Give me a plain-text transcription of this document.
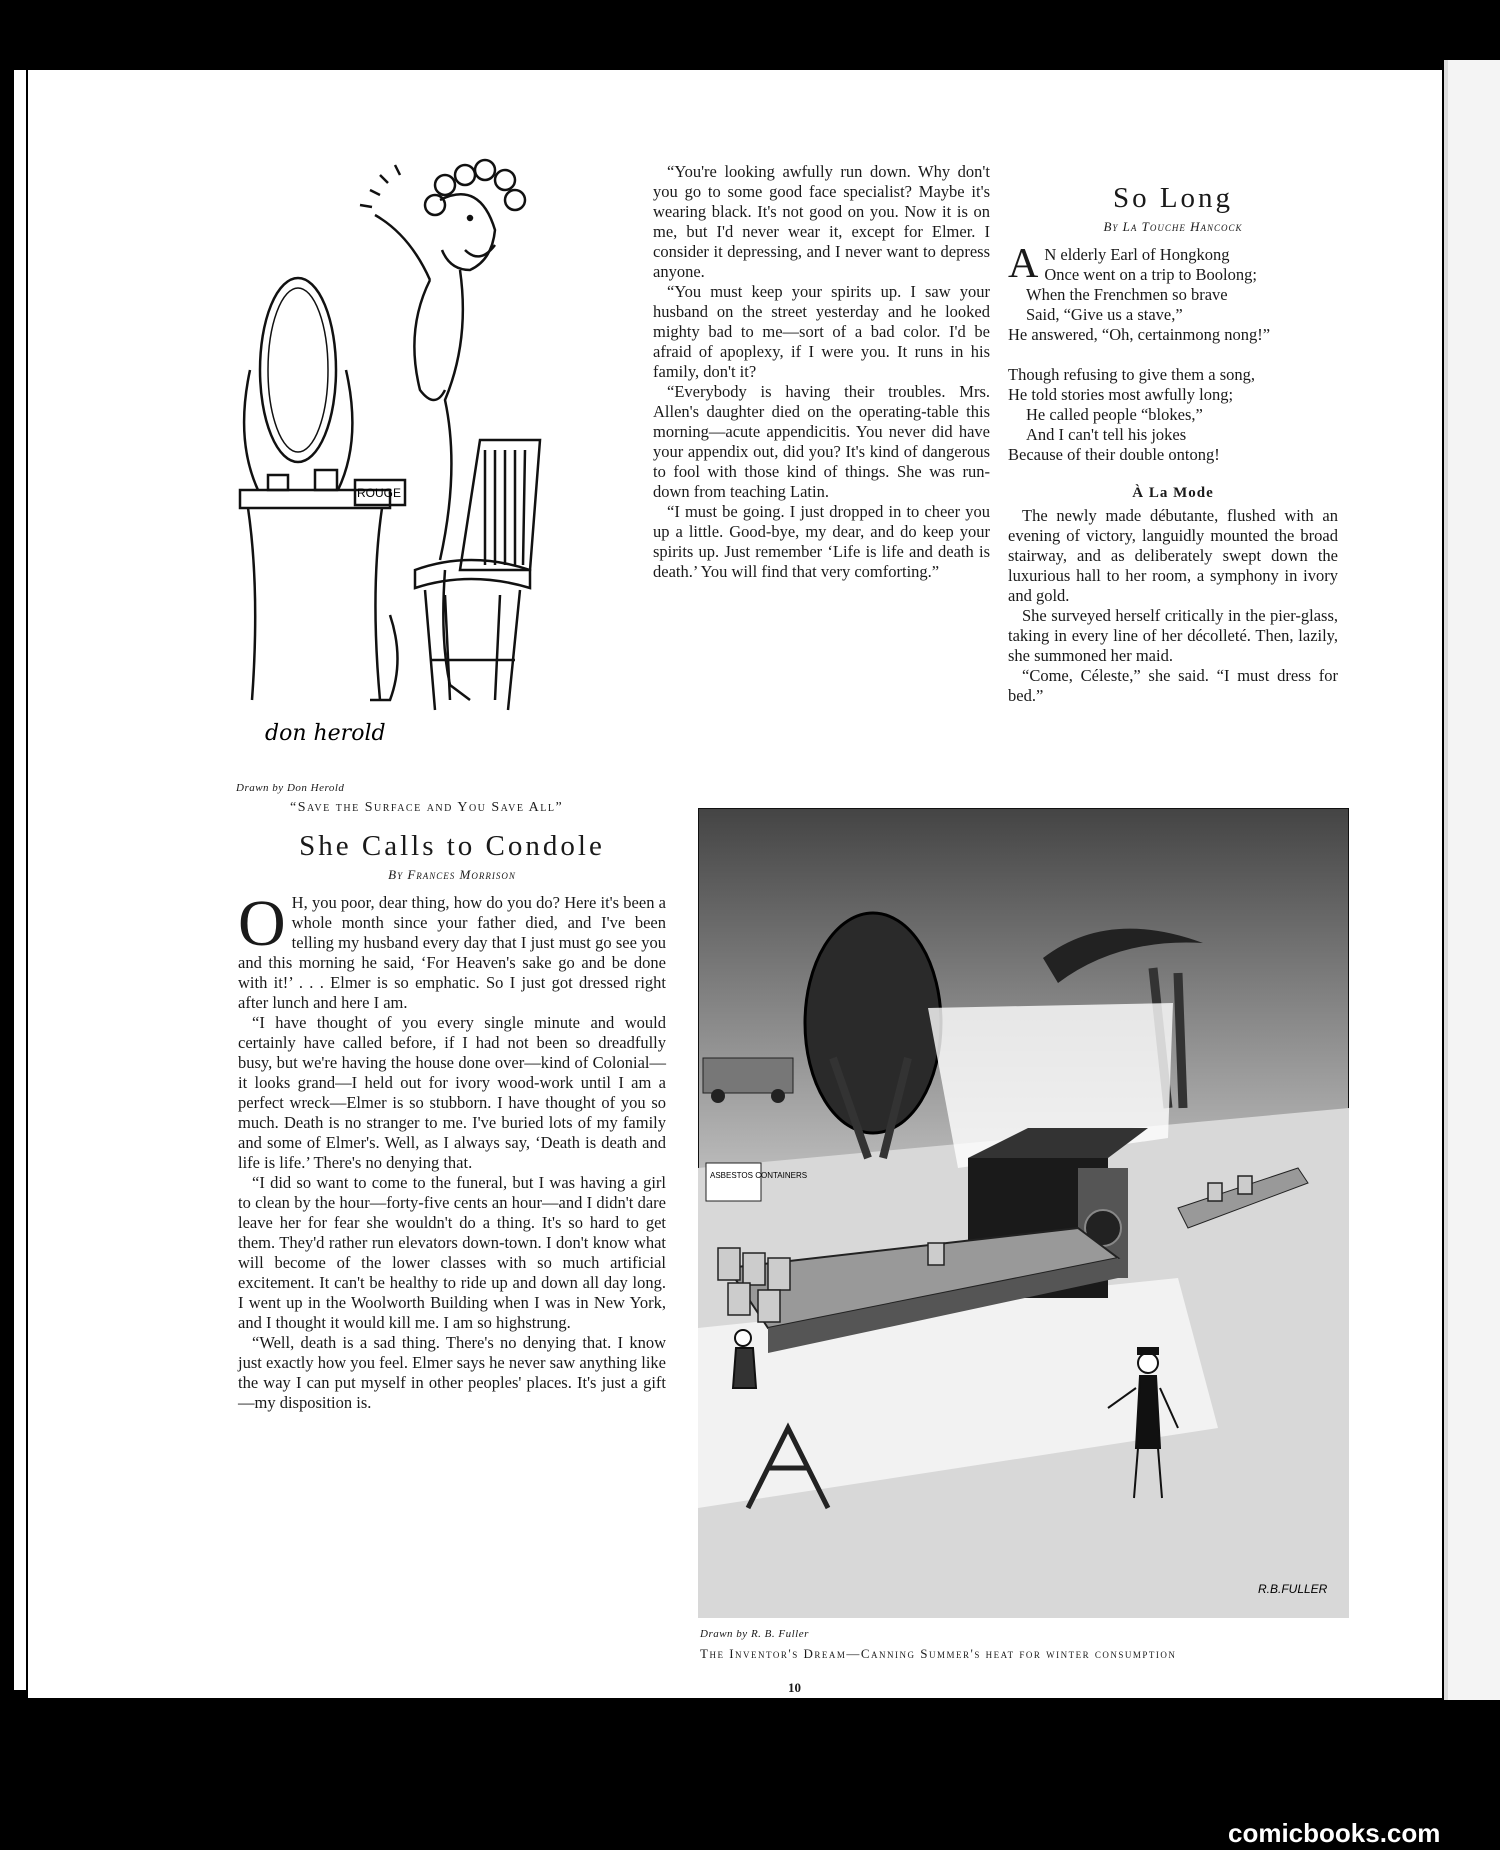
ROUGE
don herold
Drawn by Don Herold
“Save the Surface and You Save All”

“You're looking awfully run down. Why don't you go to some good face specialist? Maybe it's wearing black. It's not good on you. Now it is on me, but I'd never wear it, except for Elmer. I consider it depressing, and I never want to depress anyone.

“You must keep your spirits up. I saw your husband on the street yesterday and he looked mighty bad to me—sort of a bad color. I'd be afraid of apoplexy, if I were you. It runs in his family, don't it?

“Everybody is having their troubles. Mrs. Allen's daughter died on the operating-table this morning—acute appendicitis. You never did have your appendix out, did you? It's kind of dangerous to fool with those kind of things. She was run-down from teaching Latin.

“I must be going. I just dropped in to cheer you up a little. Good-bye, my dear, and do keep your spirits up. Just remember ‘Life is life and death is death.’ You will find that very comforting.”

So Long
By La Touche Hancock
A N elderly Earl of Hongkong
Once went on a trip to Boolong;
When the Frenchmen so brave
Said, “Give us a stave,”
He answered, “Oh, certainmong nong!”
Though refusing to give them a song,
He told stories most awfully long;
He called people “blokes,”
And I can't tell his jokes
Because of their double ontong!
À La Mode

The newly made débutante, flushed with an evening of victory, languidly mounted the broad stairway, and as deliberately swept down the luxurious hall to her room, a symphony in ivory and gold.

She surveyed herself critically in the pier-glass, taking in every line of her décolleté. Then, lazily, she summoned her maid.

“Come, Céleste,” she said. “I must dress for bed.”

She Calls to Condole
By Frances Morrison

O H, you poor, dear thing, how do you do? Here it's been a whole month since your father died, and I've been telling my husband every day that I just must go see you and this morning he said, ‘For Heaven's sake go and be done with it!’ . . . Elmer is so emphatic. So I just got dressed right after lunch and here I am.

“I have thought of you every single minute and would certainly have called before, if I had not been so dreadfully busy, but we're having the house done over—kind of Colonial—it looks grand—I held out for ivory wood-work until I am a perfect wreck—Elmer is so stubborn. I have thought of you so much. Death is no stranger to me. I've buried lots of my family and some of Elmer's. Well, as I always say, ‘Death is death and life is life.’ There's no denying that.

“I did so want to come to the funeral, but I was having a girl to clean by the hour—forty-five cents an hour—and I didn't dare leave her for fear she wouldn't do a thing. It's so hard to get them. They'd rather run elevators down-town. I don't know what will become of the lower classes with so much artificial excitement. It can't be healthy to ride up and down all day long. I went up in the Woolworth Building when I was in New York, and I thought it would kill me. I am so highstrung.

“Well, death is a sad thing. There's no denying that. I know just exactly how you feel. Elmer says he never saw anything like the way I can put myself in other peoples' places. It's just a gift—my disposition is.

ASBESTOS CONTAINERS
R.B.FULLER
Drawn by R. B. Fuller
The Inventor's Dream—Canning Summer's heat for winter consumption
10
comicbooks.com
